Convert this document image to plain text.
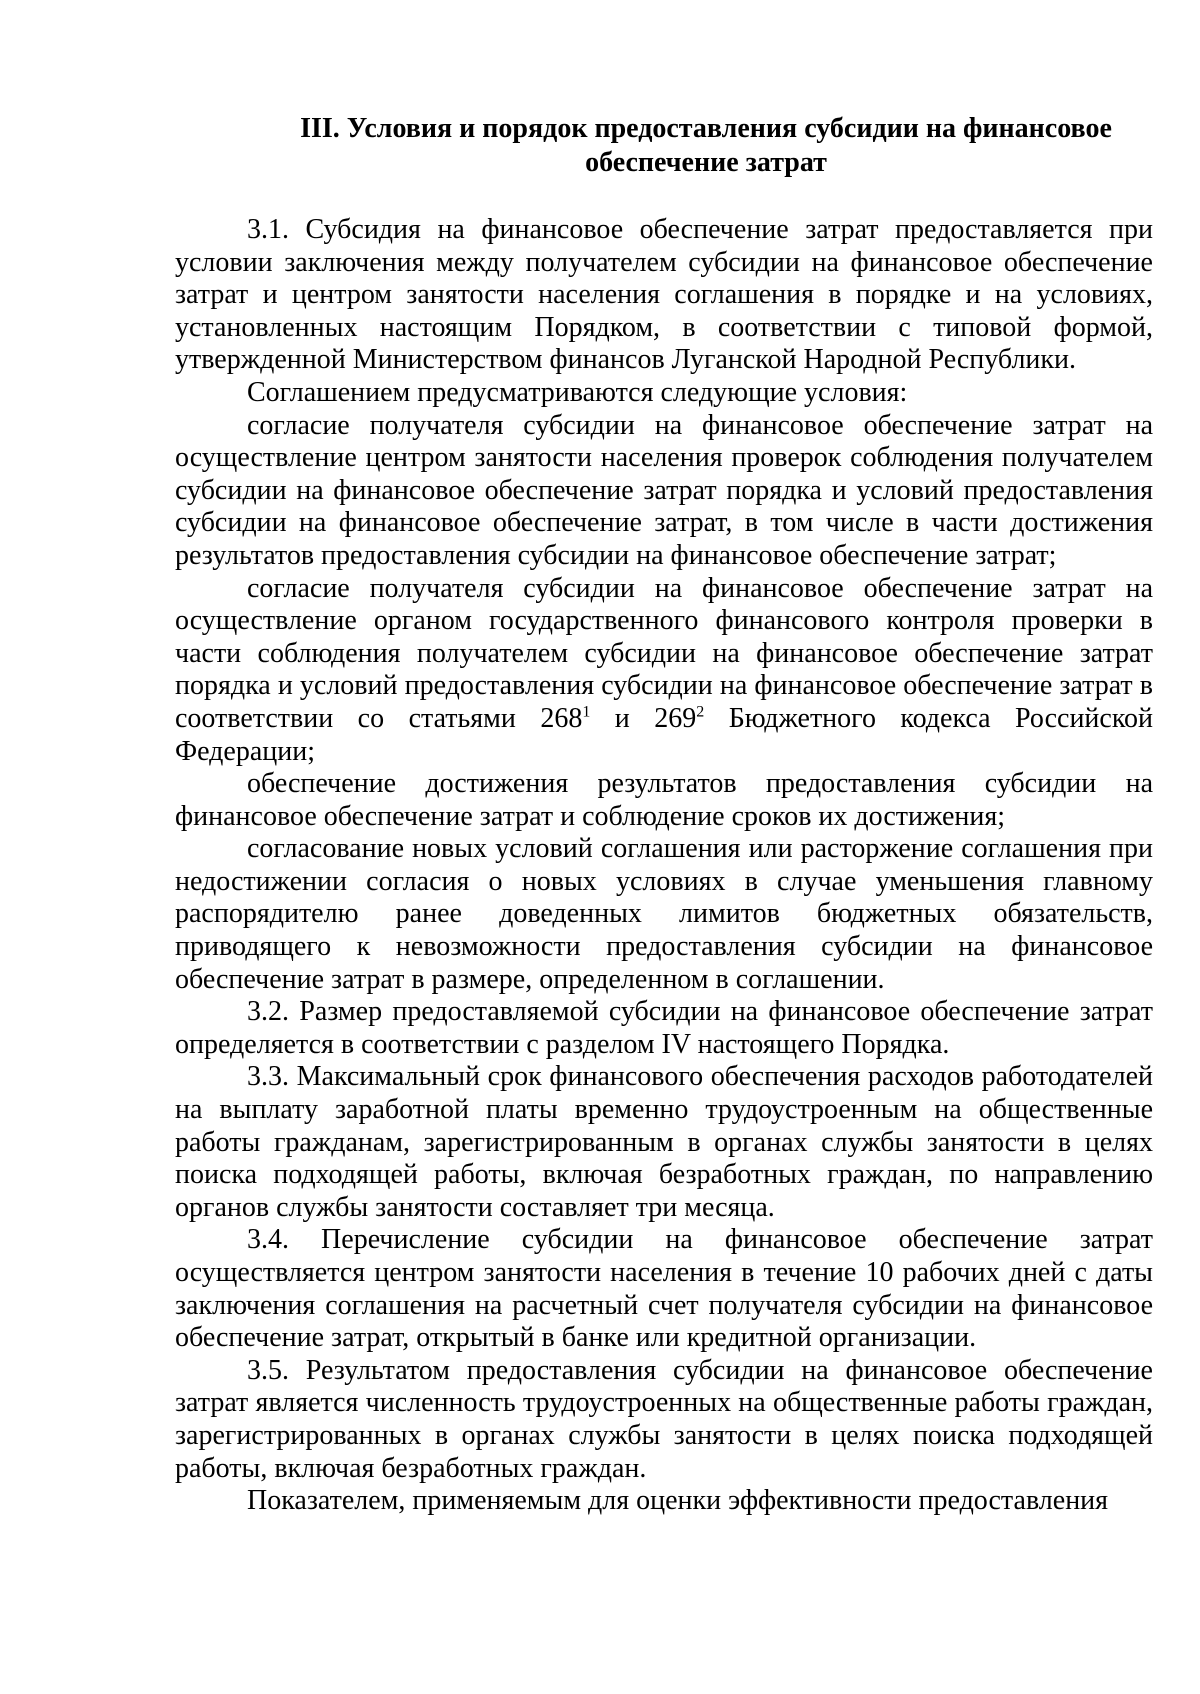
III. Условия и порядок предоставления субсидии на финансовое
обеспечение затрат

3.1. Субсидия на финансовое обеспечение затрат предоставляется при условии заключения между получателем субсидии на финансовое обеспечение затрат и центром занятости населения соглашения в порядке и на условиях, установленных настоящим Порядком, в соответствии с типовой формой, утвержденной Министерством финансов Луганской Народной Республики.

Соглашением предусматриваются следующие условия:

согласие получателя субсидии на финансовое обеспечение затрат на осуществление центром занятости населения проверок соблюдения получателем субсидии на финансовое обеспечение затрат порядка и условий предоставления субсидии на финансовое обеспечение затрат, в том числе в части достижения результатов предоставления субсидии на финансовое обеспечение затрат;

согласие получателя субсидии на финансовое обеспечение затрат на осуществление органом государственного финансового контроля проверки в части соблюдения получателем субсидии на финансовое обеспечение затрат порядка и условий предоставления субсидии на финансовое обеспечение затрат в соответствии со статьями $268^1$ и $269^2$ Бюджетного кодекса Российской Федерации;

обеспечение достижения результатов предоставления субсидии на финансовое обеспечение затрат и соблюдение сроков их достижения;

согласование новых условий соглашения или расторжение соглашения при недостижении согласия о новых условиях в случае уменьшения главному распорядителю ранее доведенных лимитов бюджетных обязательств, приводящего к невозможности предоставления субсидии на финансовое обеспечение затрат в размере, определенном в соглашении.

3.2. Размер предоставляемой субсидии на финансовое обеспечение затрат определяется в соответствии с разделом IV настоящего Порядка.

3.3. Максимальный срок финансового обеспечения расходов работодателей на выплату заработной платы временно трудоустроенным на общественные работы гражданам, зарегистрированным в органах службы занятости в целях поиска подходящей работы, включая безработных граждан, по направлению органов службы занятости составляет три месяца.

3.4. Перечисление субсидии на финансовое обеспечение затрат осуществляется центром занятости населения в течение 10 рабочих дней с даты заключения соглашения на расчетный счет получателя субсидии на финансовое обеспечение затрат, открытый в банке или кредитной организации.

3.5. Результатом предоставления субсидии на финансовое обеспечение затрат является численность трудоустроенных на общественные работы граждан, зарегистрированных в органах службы занятости в целях поиска подходящей работы, включая безработных граждан.

Показателем, применяемым для оценки эффективности предоставления
